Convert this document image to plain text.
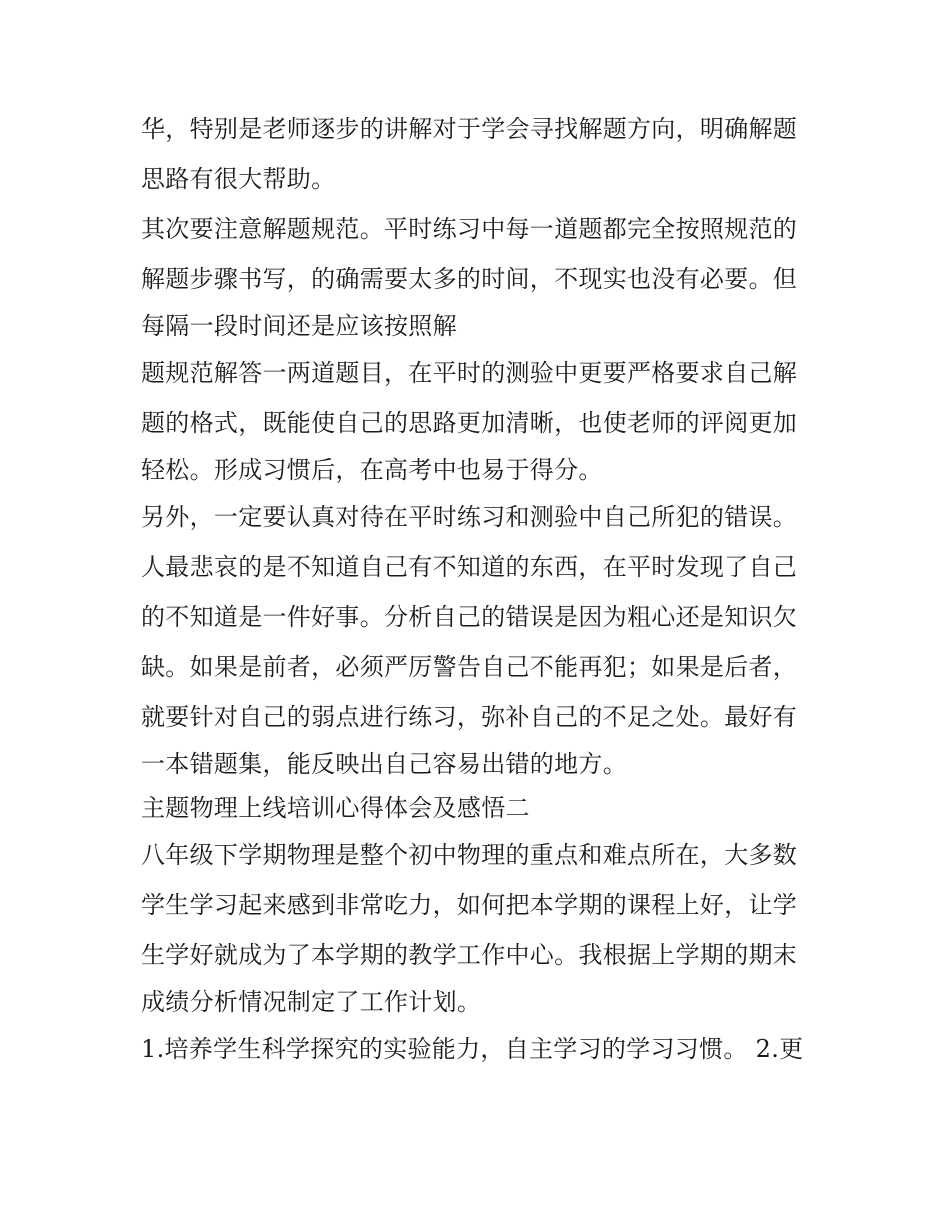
华，特别是老师逐步的讲解对于学会寻找解题方向，明确解题
思路有很大帮助。
其次要注意解题规范。平时练习中每一道题都完全按照规范的
解题步骤书写，的确需要太多的时间，不现实也没有必要。但
每隔一段时间还是应该按照解
题规范解答一两道题目，在平时的测验中更要严格要求自己解
题的格式，既能使自己的思路更加清晰，也使老师的评阅更加
轻松。形成习惯后，在高考中也易于得分。
另外，一定要认真对待在平时练习和测验中自己所犯的错误。
人最悲哀的是不知道自己有不知道的东西，在平时发现了自己
的不知道是一件好事。分析自己的错误是因为粗心还是知识欠
缺。如果是前者，必须严厉警告自己不能再犯；如果是后者，
就要针对自己的弱点进行练习，弥补自己的不足之处。最好有
一本错题集，能反映出自己容易出错的地方。
主题物理上线培训心得体会及感悟二
八年级下学期物理是整个初中物理的重点和难点所在，大多数
学生学习起来感到非常吃力，如何把本学期的课程上好，让学
生学好就成为了本学期的教学工作中心。我根据上学期的期末
成绩分析情况制定了工作计划。
1.培养学生科学探究的实验能力，自主学习的学习习惯。 2.更
